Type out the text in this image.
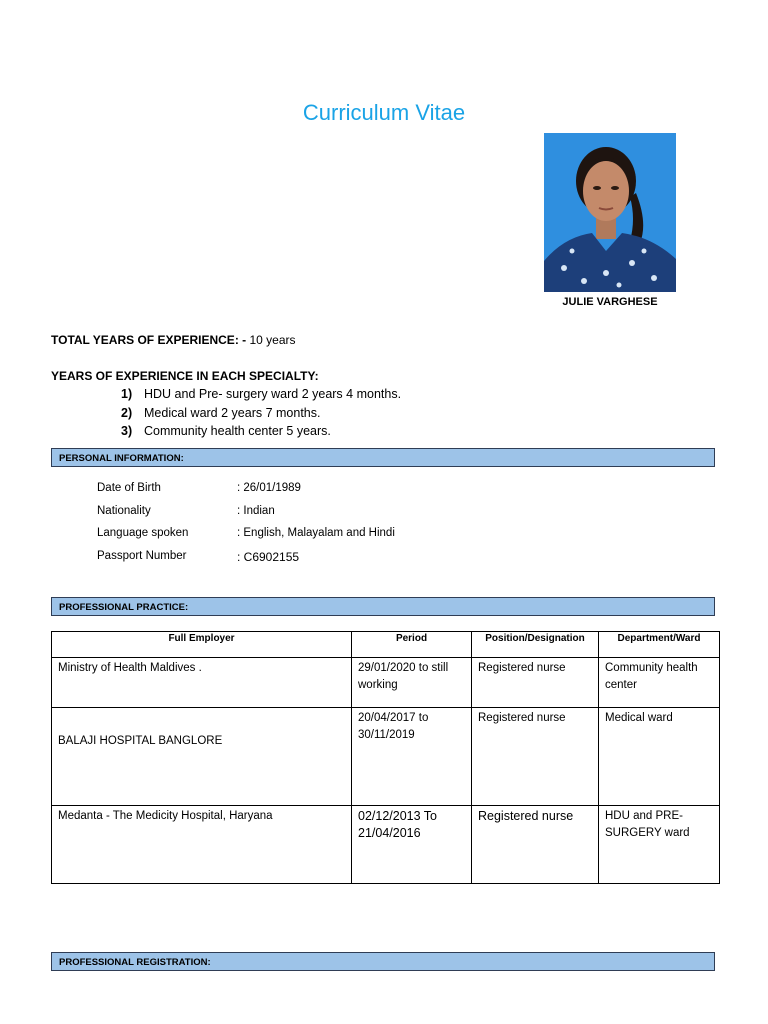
Curriculum Vitae
JULIE VARGHESE
TOTAL YEARS OF EXPERIENCE: - 10 years
YEARS OF EXPERIENCE IN EACH SPECIALTY:
1) HDU and Pre- surgery ward 2 years 4 months.
2) Medical ward 2 years 7 months.
3) Community health center 5 years.
PERSONAL INFORMATION:
Date of Birth	: 26/01/1989
Nationality	: Indian
Language spoken	: English, Malayalam and Hindi
Passport Number	: C6902155
PROFESSIONAL PRACTICE:
Full Employer	Period	Position/Designation	Department/Ward
Ministry of Health Maldives .	29/01/2020 to still working	Registered nurse	Community health center
BALAJI HOSPITAL BANGLORE	20/04/2017 to 30/11/2019	Registered nurse	Medical ward
Medanta - The Medicity Hospital, Haryana	02/12/2013 To 21/04/2016	Registered nurse	HDU and PRE-SURGERY ward
PROFESSIONAL REGISTRATION:
